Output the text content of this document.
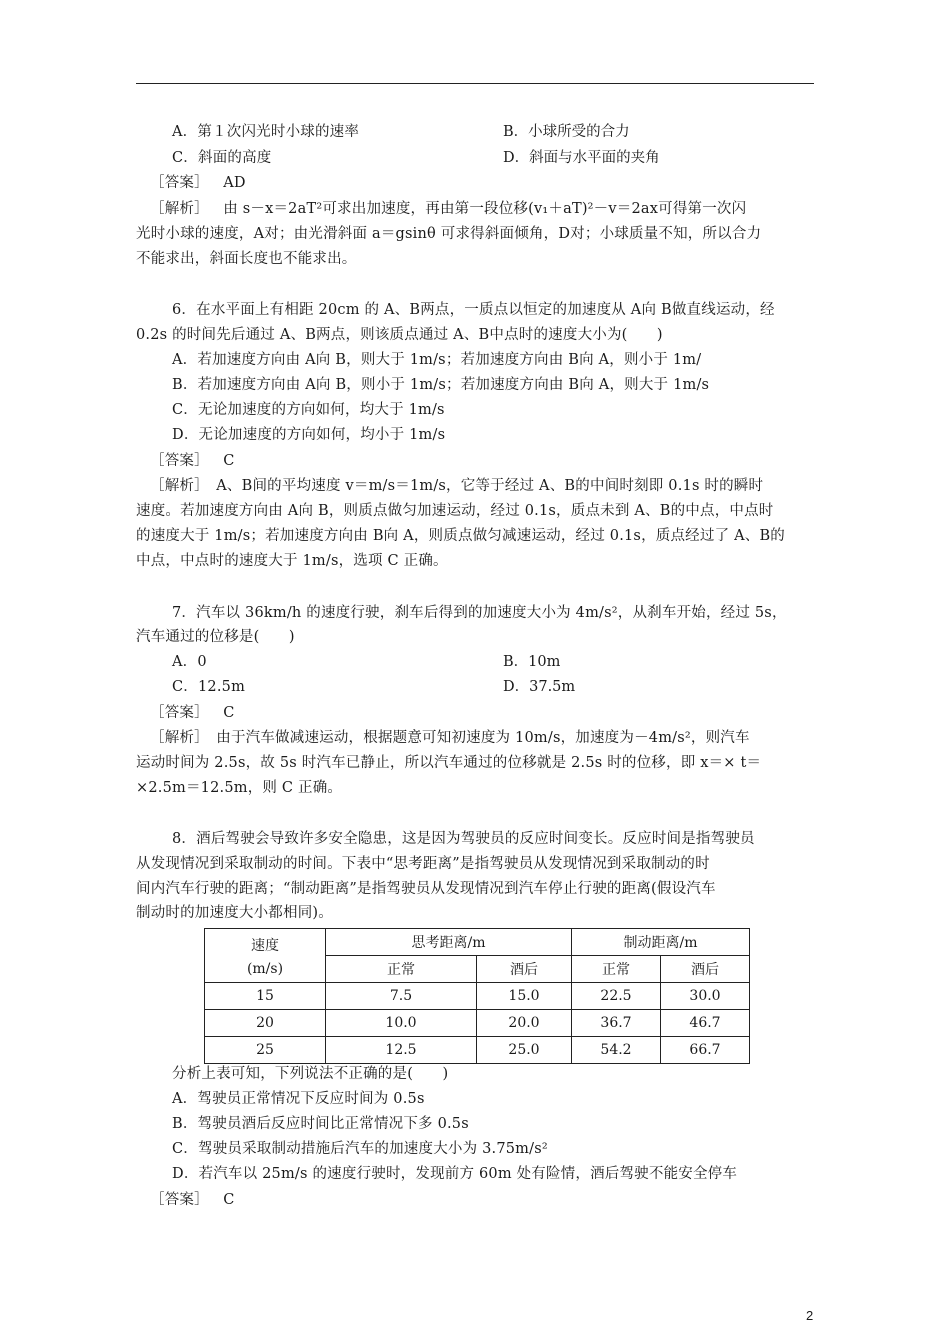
A．第１次闪光时小球的速率	B．小球所受的合力
C．斜面的高度	D．斜面与水平面的夹角
［答案］ AD
［解析］ 由 s－x＝2aT²可求出加速度，再由第一段位移(v₁＋aT)²－v＝2ax可得第一次闪
光时小球的速度，A对；由光滑斜面 a＝gsinθ 可求得斜面倾角，D对；小球质量不知，所以合力
不能求出，斜面长度也不能求出。
6．在水平面上有相距 20cm 的 A、B两点，一质点以恒定的加速度从 A向 B做直线运动，经
0.2s 的时间先后通过 A、B两点，则该质点通过 A、B中点时的速度大小为(　　)
A．若加速度方向由 A向 B，则大于 1m/s；若加速度方向由 B向 A，则小于 1m/
B．若加速度方向由 A向 B，则小于 1m/s；若加速度方向由 B向 A，则大于 1m/s
C．无论加速度的方向如何，均大于 1m/s
D．无论加速度的方向如何，均小于 1m/s
［答案］ C
［解析］　A、B间的平均速度 v＝m/s＝1m/s，它等于经过 A、B的中间时刻即 0.1s 时的瞬时
速度。若加速度方向由 A向 B，则质点做匀加速运动，经过 0.1s，质点未到 A、B的中点，中点时
的速度大于 1m/s；若加速度方向由 B向 A，则质点做匀减速运动，经过 0.1s，质点经过了 A、B的
中点，中点时的速度大于 1m/s，选项 C 正确。
7．汽车以 36km/h 的速度行驶，刹车后得到的加速度大小为 4m/s²，从刹车开始，经过 5s，
汽车通过的位移是(　　)
A．0	B．10m
C．12.5m	D．37.5m
［答案］ C
［解析］　由于汽车做减速运动，根据题意可知初速度为 10m/s，加速度为－4m/s²，则汽车
运动时间为 2.5s，故 5s 时汽车已静止，所以汽车通过的位移就是 2.5s 时的位移，即 x＝× t＝
×2.5m＝12.5m，则 C 正确。
8．酒后驾驶会导致许多安全隐患，这是因为驾驶员的反应时间变长。反应时间是指驾驶员
从发现情况到采取制动的时间。下表中“思考距离”是指驾驶员从发现情况到采取制动的时
间内汽车行驶的距离；“制动距离”是指驾驶员从发现情况到汽车停止行驶的距离(假设汽车
制动时的加速度大小都相同)。
速度
(m/s)	思考距离/m		制动距离/m	
	正常	酒后	正常	酒后
15	7.5	15.0	22.5	30.0
20	10.0	20.0	36.7	46.7
25	12.5	25.0	54.2	66.7
分析上表可知，下列说法不正确的是(　　)
A．驾驶员正常情况下反应时间为 0.5s
B．驾驶员酒后反应时间比正常情况下多 0.5s
C．驾驶员采取制动措施后汽车的加速度大小为 3.75m/s²
D．若汽车以 25m/s 的速度行驶时，发现前方 60m 处有险情，酒后驾驶不能安全停车
［答案］ C
2
